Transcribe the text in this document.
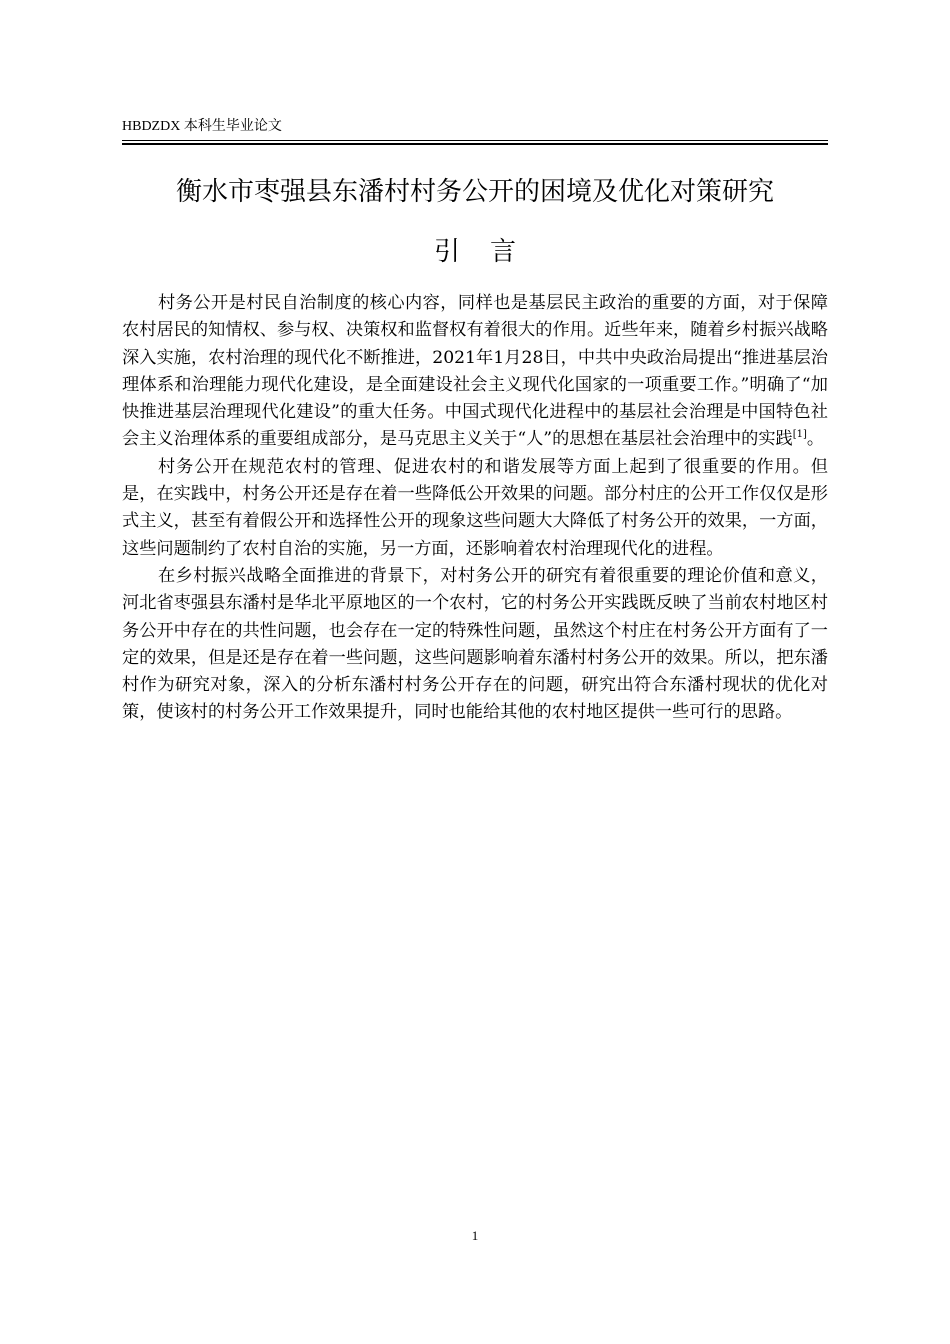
HBDZDX 本科生毕业论文
衡水市枣强县东潘村村务公开的困境及优化对策研究
引言

村务公开是村民自治制度的核心内容，同样也是基层民主政治的重要的方面，对于保障农村居民的知情权、参与权、决策权和监督权有着很大的作用。近些年来，随着乡村振兴战略深入实施，农村治理的现代化不断推进，2021年1月28日，中共中央政治局提出“推进基层治理体系和治理能力现代化建设，是全面建设社会主义现代化国家的一项重要工作。”明确了“加快推进基层治理现代化建设”的重大任务。中国式现代化进程中的基层社会治理是中国特色社会主义治理体系的重要组成部分，是马克思主义关于“人”的思想在基层社会治理中的实践[1]。

村务公开在规范农村的管理、促进农村的和谐发展等方面上起到了很重要的作用。但是，在实践中，村务公开还是存在着一些降低公开效果的问题。部分村庄的公开工作仅仅是形式主义，甚至有着假公开和选择性公开的现象这些问题大大降低了村务公开的效果，一方面，这些问题制约了农村自治的实施，另一方面，还影响着农村治理现代化的进程。

在乡村振兴战略全面推进的背景下，对村务公开的研究有着很重要的理论价值和意义，河北省枣强县东潘村是华北平原地区的一个农村，它的村务公开实践既反映了当前农村地区村务公开中存在的共性问题，也会存在一定的特殊性问题，虽然这个村庄在村务公开方面有了一定的效果，但是还是存在着一些问题，这些问题影响着东潘村村务公开的效果。所以，把东潘村作为研究对象，深入的分析东潘村村务公开存在的问题，研究出符合东潘村现状的优化对策，使该村的村务公开工作效果提升，同时也能给其他的农村地区提供一些可行的思路。

1
